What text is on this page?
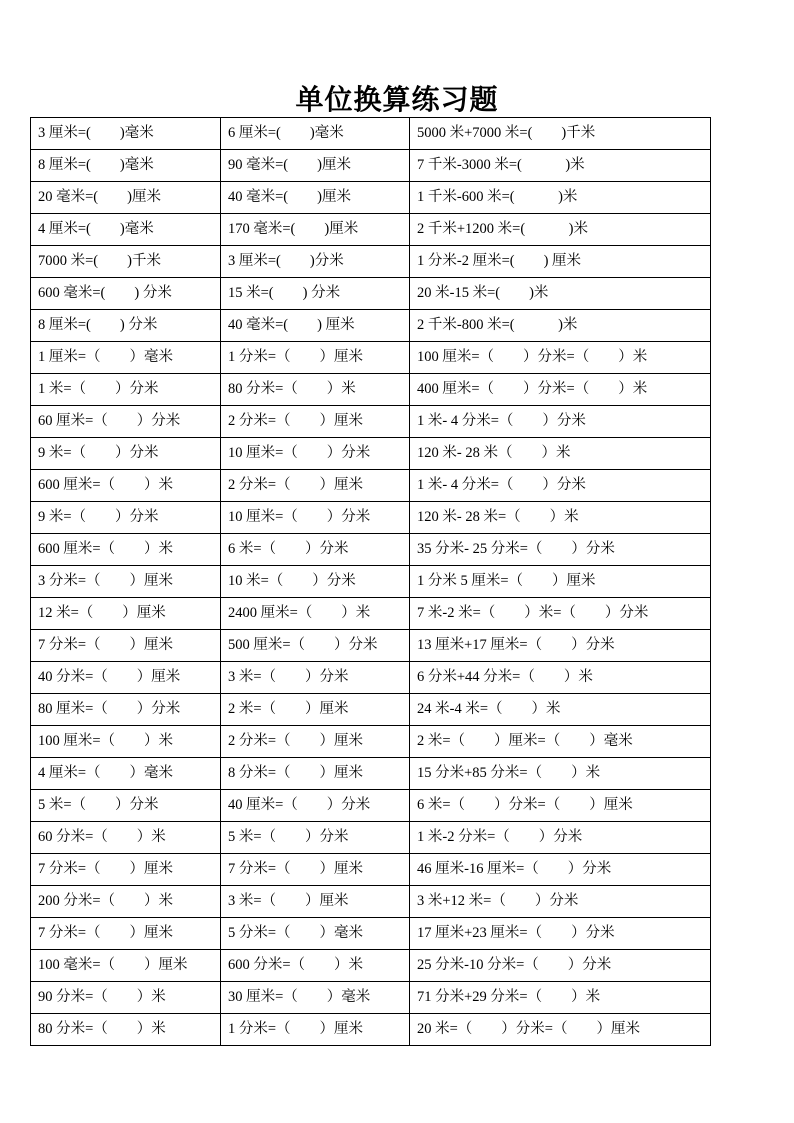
单位换算练习题
3 厘米=(　　)毫米	6 厘米=(　　)毫米	5000 米+7000 米=(　　)千米
8 厘米=(　　)毫米	90 毫米=(　　)厘米	7 千米-3000 米=(　　　)米
20 毫米=(　　)厘米	40 毫米=(　　)厘米	1 千米-600 米=(　　　)米
4 厘米=(　　)毫米	170 毫米=(　　)厘米	2 千米+1200 米=(　　　)米
7000 米=(　　)千米	3 厘米=(　　)分米	1 分米-2 厘米=(　　) 厘米
600 毫米=(　　) 分米	15 米=(　　) 分米	20 米-15 米=(　　)米
8 厘米=(　　) 分米	40 毫米=(　　) 厘米	2 千米-800 米=(　　　)米
1 厘米=（　　）毫米	1 分米=（　　）厘米	100 厘米=（　　）分米=（　　）米
1 米=（　　）分米	80 分米=（　　）米	400 厘米=（　　）分米=（　　）米
60 厘米=（　　）分米	2 分米=（　　）厘米	1 米- 4 分米=（　　）分米
9 米=（　　）分米	10 厘米=（　　）分米	120 米- 28 米（　　）米
600 厘米=（　　）米	2 分米=（　　）厘米	1 米- 4 分米=（　　）分米
9 米=（　　）分米	10 厘米=（　　）分米	120 米- 28 米=（　　）米
600 厘米=（　　）米	6 米=（　　）分米	35 分米- 25 分米=（　　）分米
3 分米=（　　）厘米	10 米=（　　）分米	1 分米 5 厘米=（　　）厘米
12 米=（　　）厘米	2400 厘米=（　　）米	7 米-2 米=（　　）米=（　　）分米
7 分米=（　　）厘米	500 厘米=（　　）分米	13 厘米+17 厘米=（　　）分米
40 分米=（　　）厘米	3 米=（　　）分米	6 分米+44 分米=（　　）米
80 厘米=（　　）分米	2 米=（　　）厘米	24 米-4 米=（　　）米
100 厘米=（　　）米	2 分米=（　　）厘米	2 米=（　　）厘米=（　　）毫米
4 厘米=（　　）毫米	8 分米=（　　）厘米	15 分米+85 分米=（　　）米
5 米=（　　）分米	40 厘米=（　　）分米	6 米=（　　）分米=（　　）厘米
60 分米=（　　）米	5 米=（　　）分米	1 米-2 分米=（　　）分米
7 分米=（　　）厘米	7 分米=（　　）厘米	46 厘米-16 厘米=（　　）分米
200 分米=（　　）米	3 米=（　　）厘米	3 米+12 米=（　　）分米
7 分米=（　　）厘米	5 分米=（　　）毫米	17 厘米+23 厘米=（　　）分米
100 毫米=（　　）厘米	600 分米=（　　）米	25 分米-10 分米=（　　）分米
90 分米=（　　）米	30 厘米=（　　）毫米	71 分米+29 分米=（　　）米
80 分米=（　　）米	1 分米=（　　）厘米	20 米=（　　）分米=（　　）厘米
